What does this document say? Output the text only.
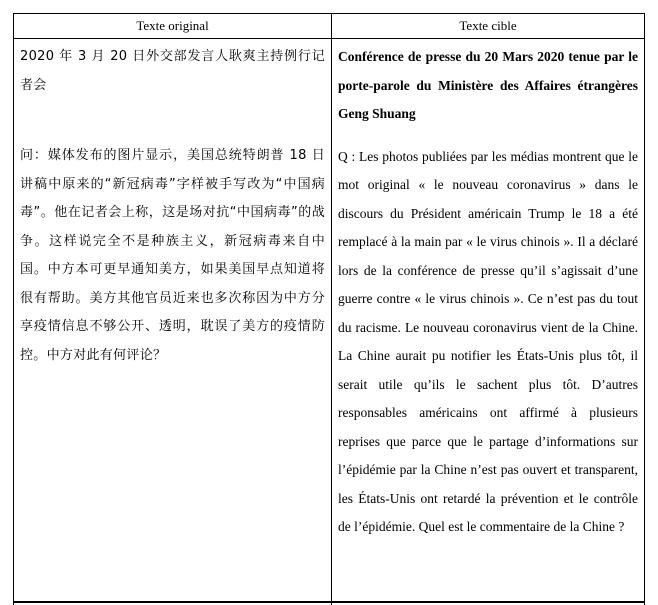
Texte original	Texte cible

2020 年 3 月 20 日外交部发言人耿爽主持例行记者会

问：媒体发布的图片显示，美国总统特朗普 18 日讲稿中原来的“新冠病毒”字样被手写改为“中国病毒”。他在记者会上称，这是场对抗“中国病毒”的战争。这样说完全不是种族主义，新冠病毒来自中国。中方本可更早通知美方，如果美国早点知道将很有帮助。美方其他官员近来也多次称因为中方分享疫情信息不够公开、透明，耽误了美方的疫情防控。中方对此有何评论？

Conférence de presse du 20 Mars 2020 tenue par le porte-parole du Ministère des Affaires étrangères Geng Shuang

Q : Les photos publiées par les médias montrent que le mot original « le nouveau coronavirus » dans le discours du Président américain Trump le 18 a été remplacé à la main par « le virus chinois ». Il a déclaré lors de la conférence de presse qu’il s’agissait d’une guerre contre « le virus chinois ». Ce n’est pas du tout du racisme. Le nouveau coronavirus vient de la Chine. La Chine aurait pu notifier les États-Unis plus tôt, il serait utile qu’ils le sachent plus tôt. D’autres responsables américains ont affirmé à plusieurs reprises que parce que le partage d’informations sur l’épidémie par la Chine n’est pas ouvert et transparent, les États-Unis ont retardé la prévention et le contrôle de l’épidémie. Quel est le commentaire de la Chine ?
